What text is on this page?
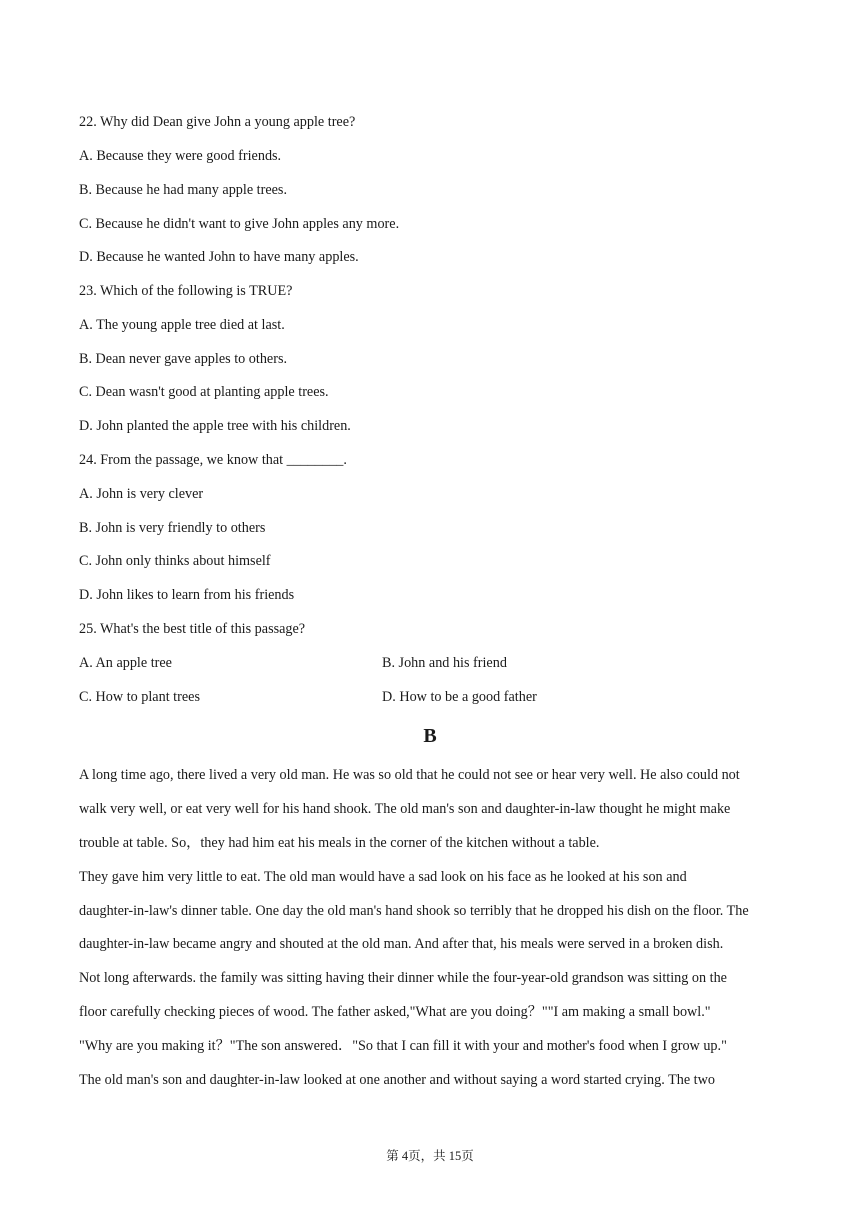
22. Why did Dean give John a young apple tree?
A. Because they were good friends.
B. Because he had many apple trees.
C. Because he didn't want to give John apples any more.
D. Because he wanted John to have many apples.
23. Which of the following is TRUE?
A. The young apple tree died at last.
B. Dean never gave apples to others.
C. Dean wasn't good at planting apple trees.
D. John planted the apple tree with his children.
24. From the passage, we know that ________.
A. John is very clever
B. John is very friendly to others
C. John only thinks about himself
D. John likes to learn from his friends
25. What's the best title of this passage?
A. An apple tree	B. John and his friend
C. How to plant trees	D. How to be a good father
B
A long time ago, there lived a very old man. He was so old that he could not see or hear very well. He also could not
walk very well, or eat very well for his hand shook. The old man's son and daughter-in-law thought he might make
trouble at table. So，they had him eat his meals in the corner of the kitchen without a table.
They gave him very little to eat. The old man would have a sad look on his face as he looked at his son and
daughter-in-law's dinner table. One day the old man's hand shook so terribly that he dropped his dish on the floor. The
daughter-in-law became angry and shouted at the old man. And after that, his meals were served in a broken dish.
Not long afterwards. the family was sitting having their dinner while the four-year-old grandson was sitting on the
floor carefully checking pieces of wood. The father asked,"What are you doing？""I am making a small bowl."
"Why are you making it？"The son answered．"So that I can fill it with your and mother's food when I grow up."
The old man's son and daughter-in-law looked at one another and without saying a word started crying. The two
第 4页，共 15页
